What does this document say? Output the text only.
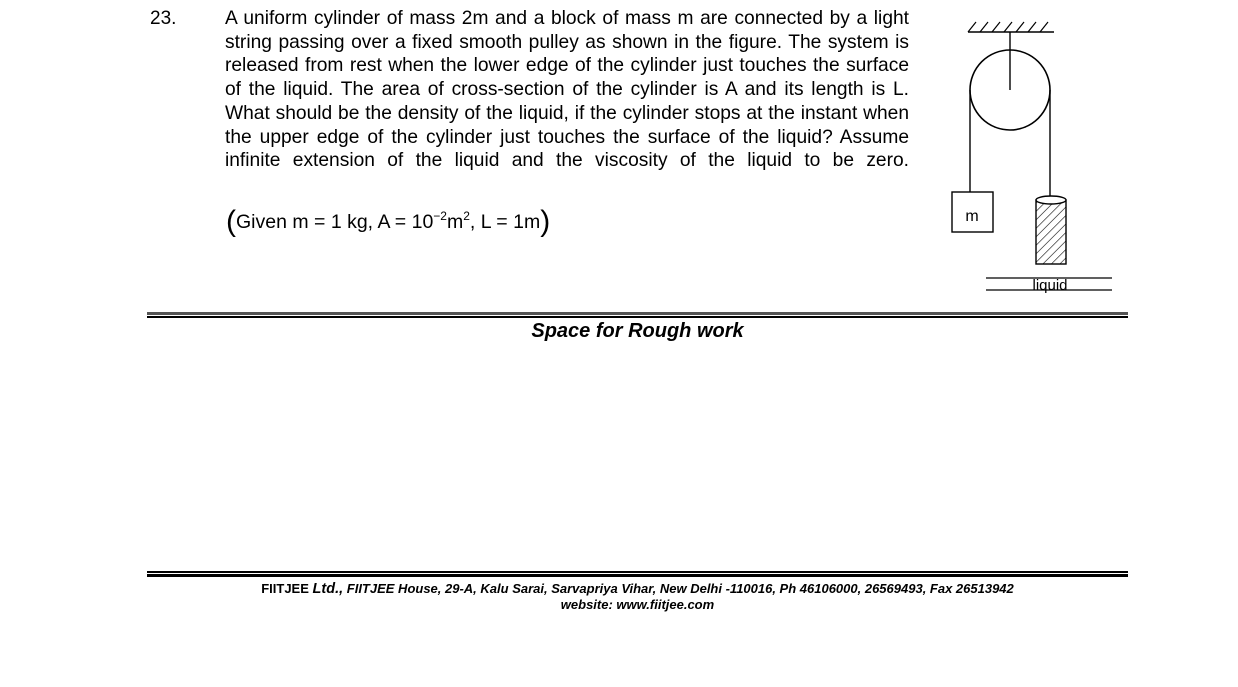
23.	A uniform cylinder of mass 2m and a block of mass m are connected by a light string passing over a fixed smooth pulley as shown in the figure. The system is released from rest when the lower edge of the cylinder just touches the surface of the liquid. The area of cross-section of the cylinder is A and its length is L. What should be the density of the liquid, if the cylinder stops at the instant when the upper edge of the cylinder just touches the surface of the liquid? Assume infinite extension of the liquid and the viscosity of the liquid to be zero.
(Given m = 1 kg, $A = 10^{-2}m^2$, L = 1m)	m
liquid
Space for Rough work
FIITJEE Ltd., FIITJEE House, 29-A, Kalu Sarai, Sarvapriya Vihar, New Delhi -110016, Ph 46106000, 26569493, Fax 26513942
website: www.fiitjee.com
